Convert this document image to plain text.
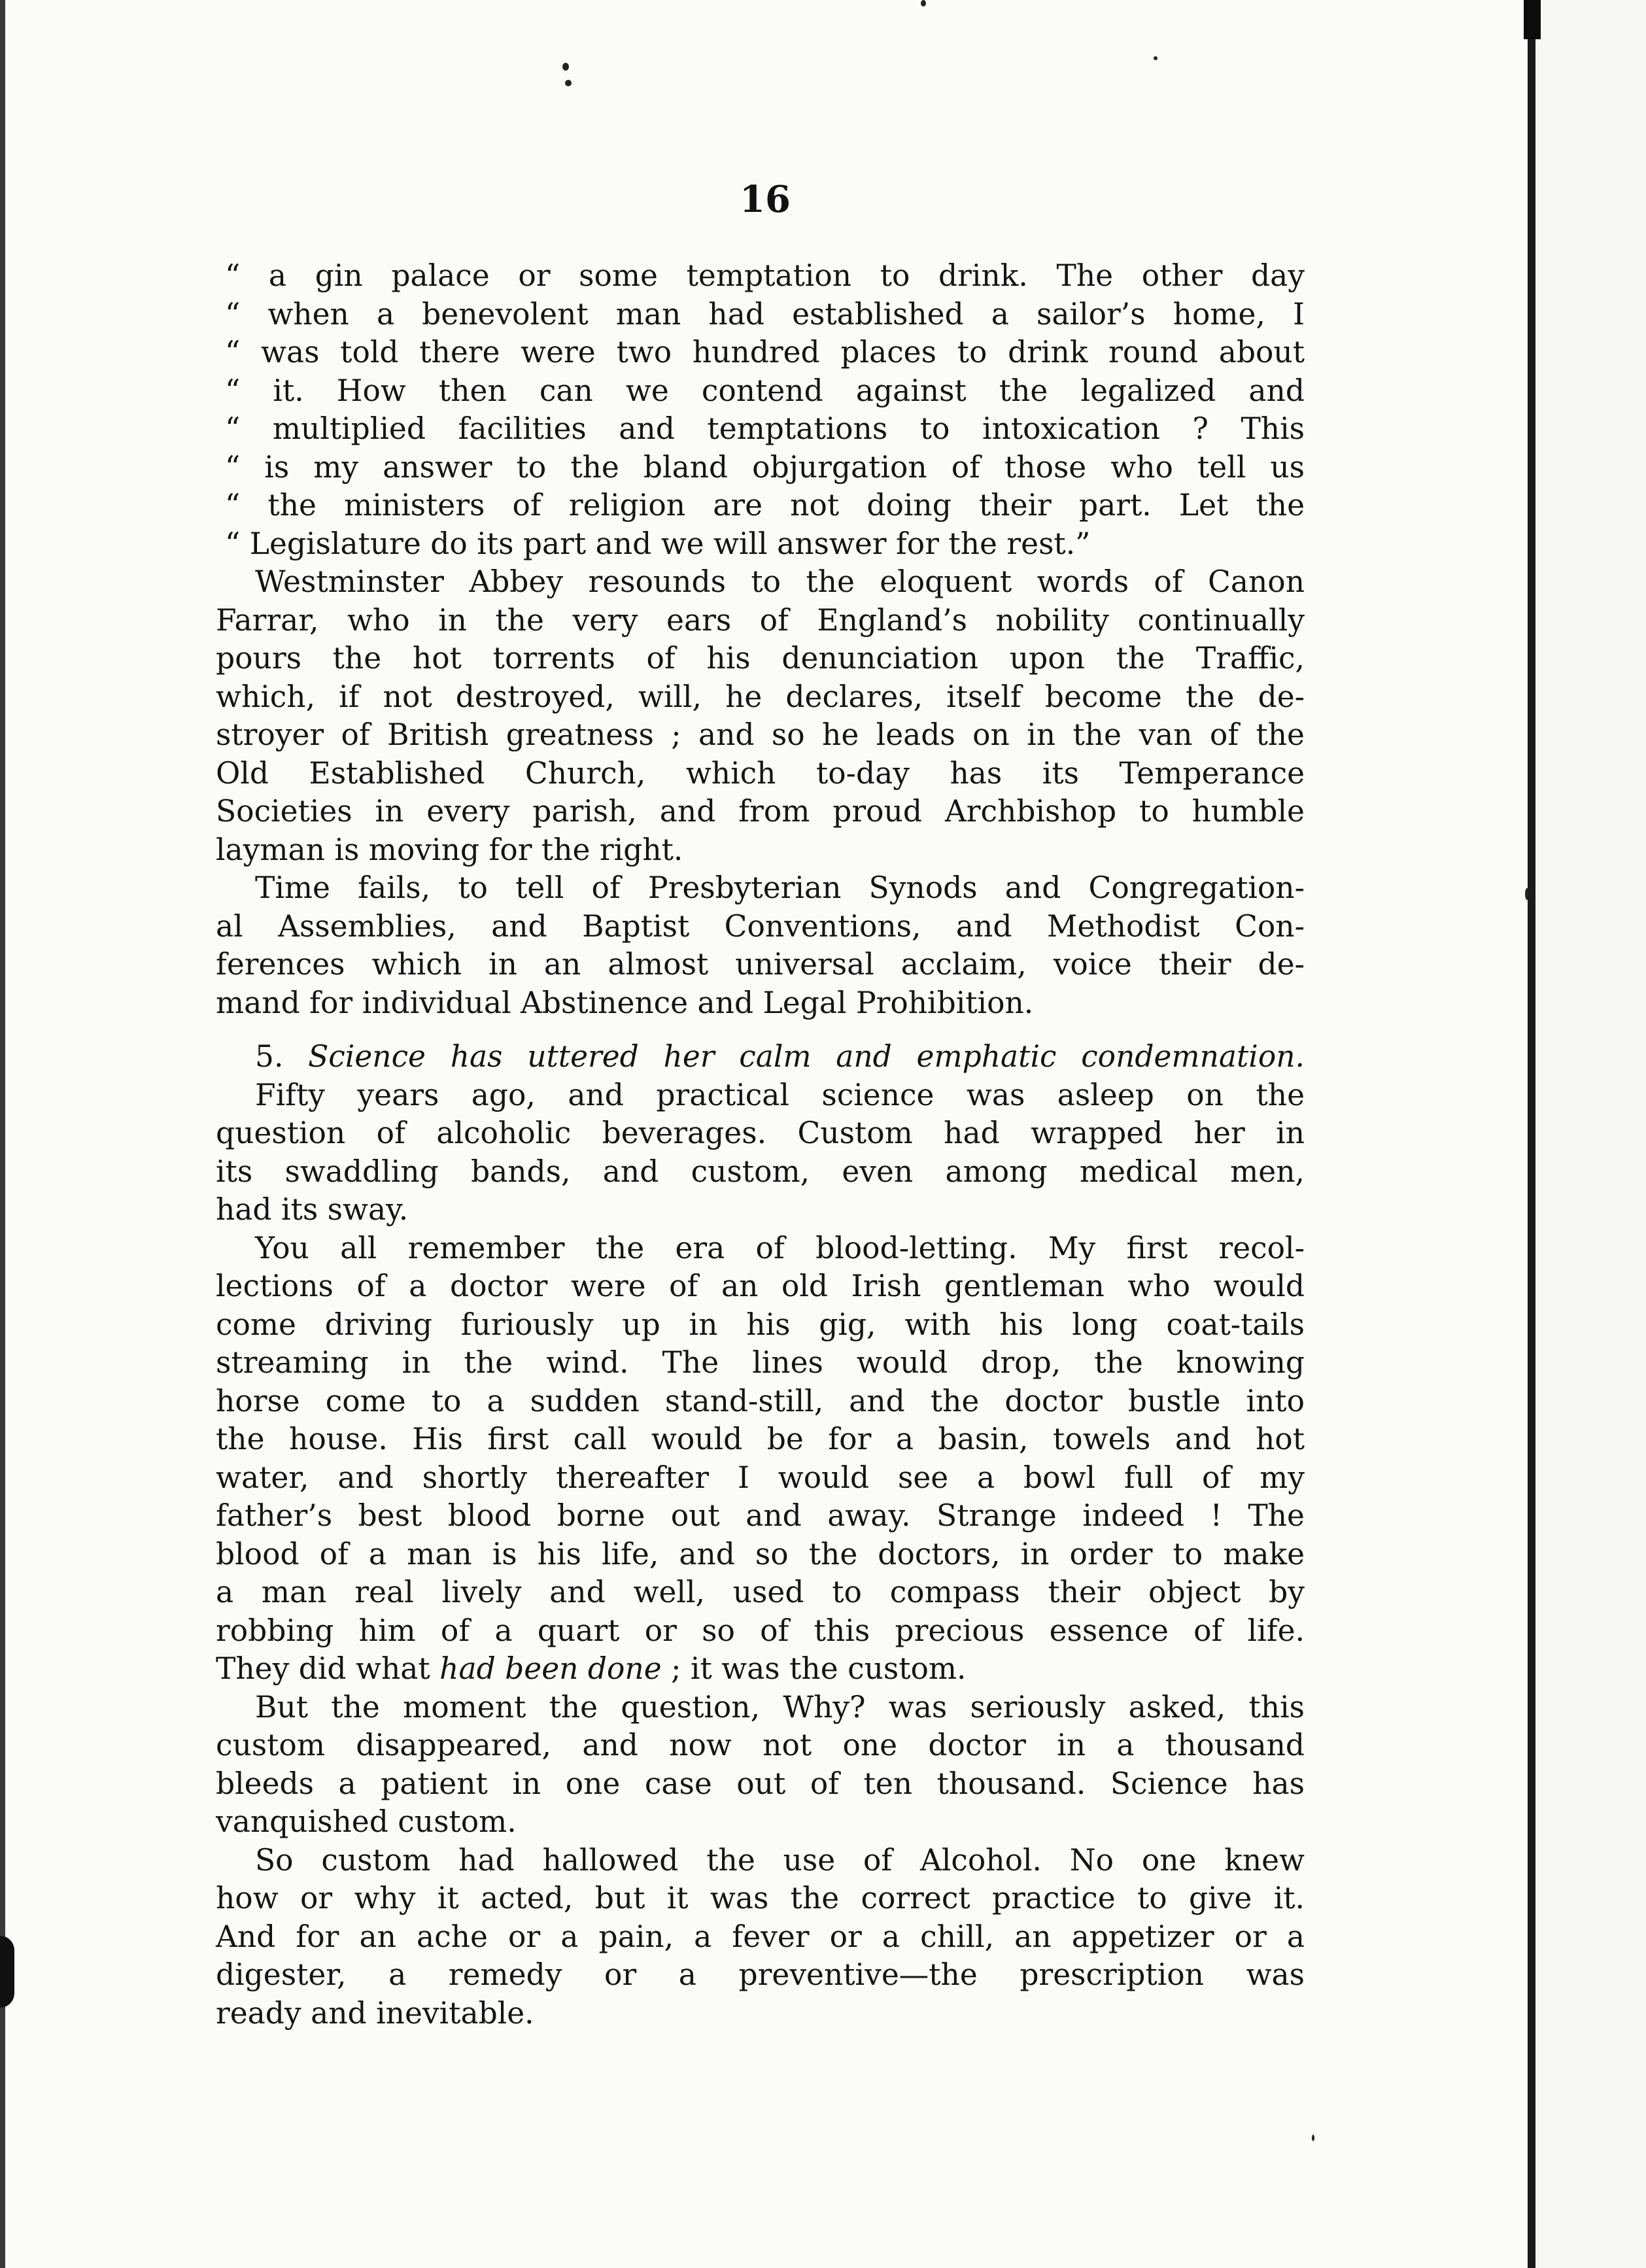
16
“ a gin palace or some temptation to drink. The other day
“ when a benevolent man had established a sailor’s home, I
“ was told there were two hundred places to drink round about
“ it. How then can we contend against the legalized and
“ multiplied facilities and temptations to intoxication ? This
“ is my answer to the bland objurgation of those who tell us
“ the ministers of religion are not doing their part. Let the
“ Legislature do its part and we will answer for the rest.”
Westminster Abbey resounds to the eloquent words of Canon
Farrar, who in the very ears of England’s nobility continually
pours the hot torrents of his denunciation upon the Traffic,
which, if not destroyed, will, he declares, itself become the de-
stroyer of British greatness ; and so he leads on in the van of the
Old Established Church, which to-day has its Temperance
Societies in every parish, and from proud Archbishop to humble
layman is moving for the right.
Time fails, to tell of Presbyterian Synods and Congregation-
al Assemblies, and Baptist Conventions, and Methodist Con-
ferences which in an almost universal acclaim, voice their de-
mand for individual Abstinence and Legal Prohibition.
5. Science has uttered her calm and emphatic condemnation.
Fifty years ago, and practical science was asleep on the
question of alcoholic beverages. Custom had wrapped her in
its swaddling bands, and custom, even among medical men,
had its sway.
You all remember the era of blood-letting. My first recol-
lections of a doctor were of an old Irish gentleman who would
come driving furiously up in his gig, with his long coat-tails
streaming in the wind. The lines would drop, the knowing
horse come to a sudden stand-still, and the doctor bustle into
the house. His first call would be for a basin, towels and hot
water, and shortly thereafter I would see a bowl full of my
father’s best blood borne out and away. Strange indeed ! The
blood of a man is his life, and so the doctors, in order to make
a man real lively and well, used to compass their object by
robbing him of a quart or so of this precious essence of life.
They did what had been done ; it was the custom.
But the moment the question, Why? was seriously asked, this
custom disappeared, and now not one doctor in a thousand
bleeds a patient in one case out of ten thousand. Science has
vanquished custom.
So custom had hallowed the use of Alcohol. No one knew
how or why it acted, but it was the correct practice to give it.
And for an ache or a pain, a fever or a chill, an appetizer or a
digester, a remedy or a preventive—the prescription was
ready and inevitable.
